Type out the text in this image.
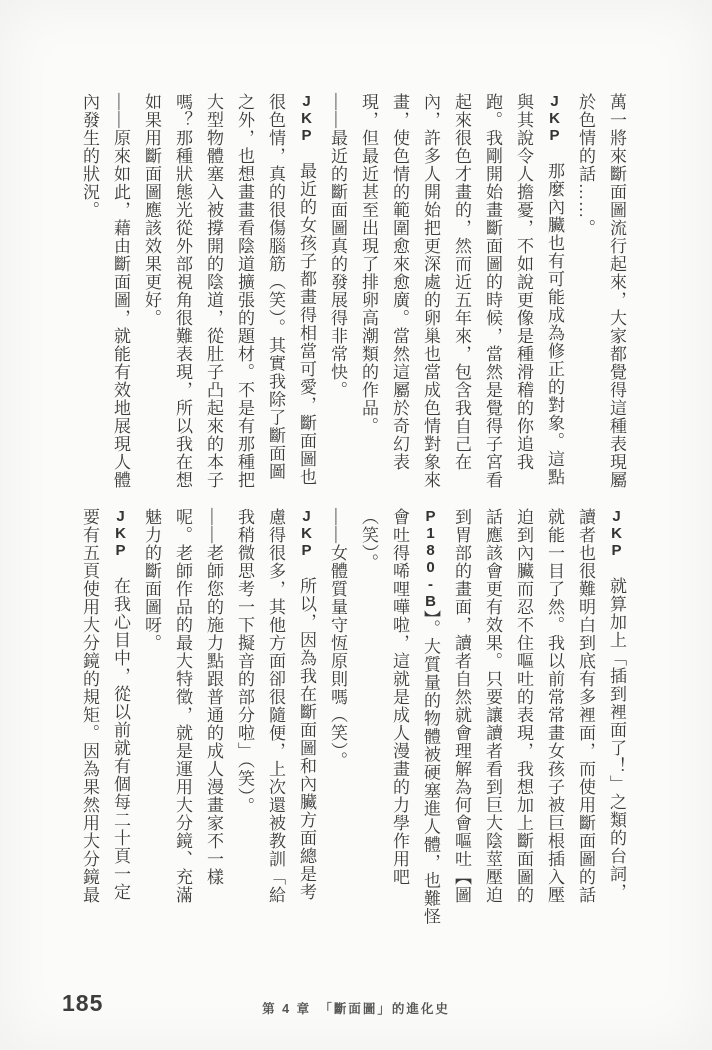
萬一將來斷面圖流行起來，大家都覺得這種表現屬
於色情的話……。
JKP　那麼內臟也有可能成為修正的對象。這點
與其說令人擔憂，不如說更像是種滑稽的你追我
跑。我剛開始畫斷面圖的時候，當然是覺得子宮看
起來很色才畫的，然而近五年來，包含我自己在
內，許多人開始把更深處的卵巢也當成色情對象來
畫，使色情的範圍愈來愈廣。當然這屬於奇幻表
現，但最近甚至出現了排卵高潮類的作品。
——最近的斷面圖真的發展得非常快。
JKP　最近的女孩子都畫得相當可愛，斷面圖也
很色情，真的很傷腦筋（笑）。其實我除了斷面圖
之外，也想畫畫看陰道擴張的題材。不是有那種把
大型物體塞入被撐開的陰道，從肚子凸起來的本子
嗎？那種狀態光從外部視角很難表現，所以我在想
如果用斷面圖應該效果更好。
——原來如此，藉由斷面圖，就能有效地展現人體
內發生的狀況。
JKP　就算加上「插到裡面了！」之類的台詞，
讀者也很難明白到底有多裡面，而使用斷面圖的話
就能一目了然。我以前常常畫女孩子被巨根插入壓
迫到內臟而忍不住嘔吐的表現，我想加上斷面圖的
話應該會更有效果。只要讓讀者看到巨大陰莖壓迫
到胃部的畫面，讀者自然就會理解為何會嘔吐【圖
P180-B】。大質量的物體被硬塞進人體，也難怪
會吐得唏哩嘩啦，這就是成人漫畫的力學作用吧
（笑）。
——女體質量守恆原則嗎（笑）。
JKP　所以，因為我在斷面圖和內臟方面總是考
慮得很多，其他方面卻很隨便，上次還被教訓「給
我稍微思考一下擬音的部分啦」（笑）。
——老師您的施力點跟普通的成人漫畫家不一樣
呢。老師作品的最大特徵，就是運用大分鏡、充滿
魅力的斷面圖呀。
JKP　在我心目中，從以前就有個每二十頁一定
要有五頁使用大分鏡的規矩。因為果然用大分鏡最
185	第 4 章　「斷面圖」的進化史
